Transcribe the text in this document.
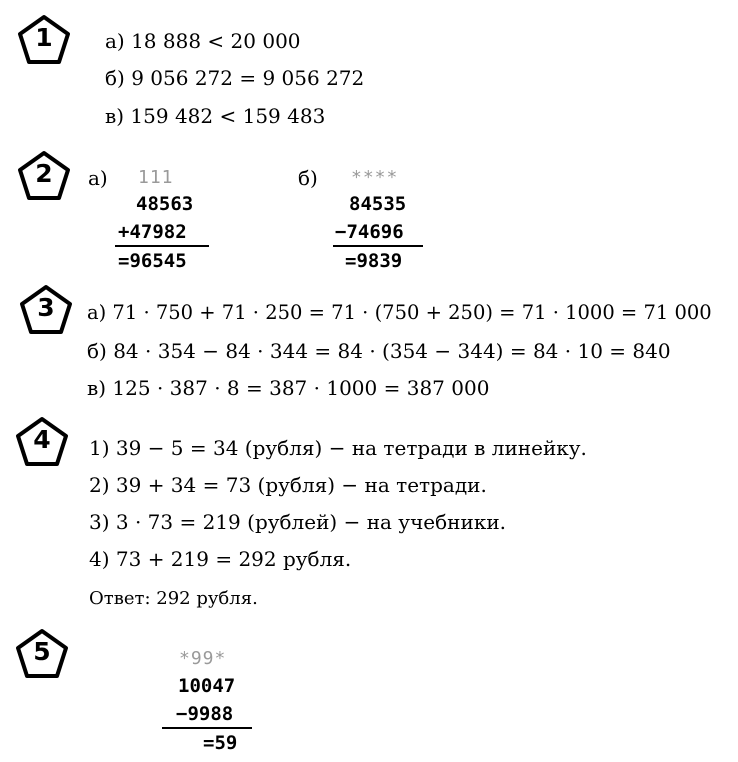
1	а) 18 888 < 20 000
б) 9 056 272 = 9 056 272
в) 159 482 < 159 483
2	а) 111
48563
+47982
=96545
б) ****
84535
−74696
=9839
3	а) 71 · 750 + 71 · 250 = 71 · (750 + 250) = 71 · 1000 = 71 000
б) 84 · 354 − 84 · 344 = 84 · (354 − 344) = 84 · 10 = 840
в) 125 · 387 · 8 = 387 · 1000 = 387 000
4	1) 39 − 5 = 34 (рубля) − на тетради в линейку.
2) 39 + 34 = 73 (рубля) − на тетради.
3) 3 · 73 = 219 (рублей) − на учебники.
4) 73 + 219 = 292 рубля.
Ответ: 292 рубля.
5	*99*
10047
−9988
=59
